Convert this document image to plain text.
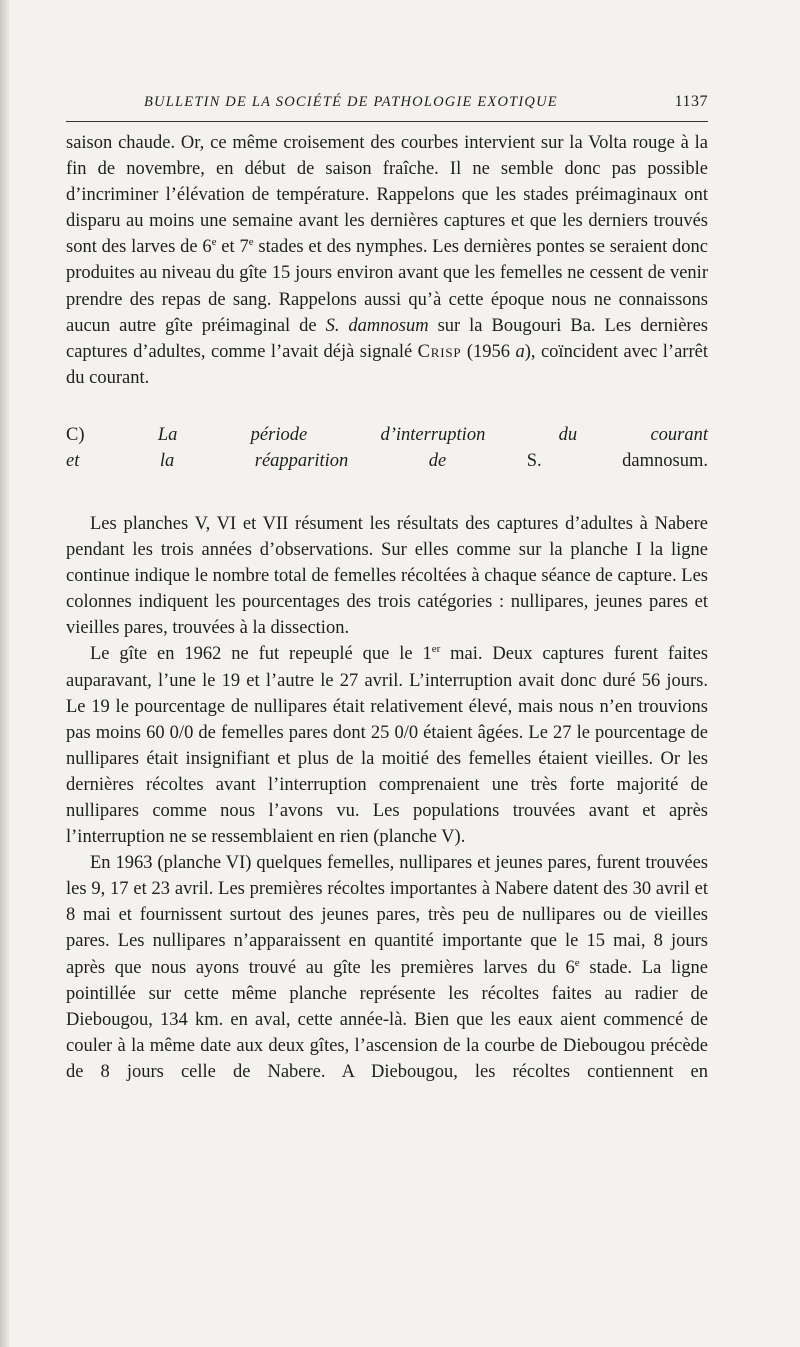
BULLETIN DE LA SOCIÉTÉ DE PATHOLOGIE EXOTIQUE	1137

saison chaude. Or, ce même croisement des courbes intervient sur la Volta rouge à la fin de novembre, en début de saison fraîche. Il ne semble donc pas possible d’incriminer l’élévation de température. Rappelons que les stades préimaginaux ont disparu au moins une semaine avant les dernières captures et que les derniers trouvés sont des larves de 6e et 7e stades et des nymphes. Les dernières pontes se seraient donc produites au niveau du gîte 15 jours environ avant que les femelles ne cessent de venir prendre des repas de sang. Rappelons aussi qu’à cette époque nous ne connaissons aucun autre gîte préimaginal de S. damnosum sur la Bougouri Ba. Les dernières captures d’adultes, comme l’avait déjà signalé Crisp (1956 a), coïncident avec l’arrêt du courant.

C) La période d’interruption du courant
et la réapparition de S. damnosum.

Les planches V, VI et VII résument les résultats des captures d’adultes à Nabere pendant les trois années d’observations. Sur elles comme sur la planche I la ligne continue indique le nombre total de femelles récoltées à chaque séance de capture. Les colonnes indiquent les pourcentages des trois catégories : nullipares, jeunes pares et vieilles pares, trouvées à la dissection.

Le gîte en 1962 ne fut repeuplé que le 1er mai. Deux captures furent faites auparavant, l’une le 19 et l’autre le 27 avril. L’interruption avait donc duré 56 jours. Le 19 le pourcentage de nullipares était relativement élevé, mais nous n’en trouvions pas moins 60 0/0 de femelles pares dont 25 0/0 étaient âgées. Le 27 le pourcentage de nullipares était insignifiant et plus de la moitié des femelles étaient vieilles. Or les dernières récoltes avant l’interruption comprenaient une très forte majorité de nullipares comme nous l’avons vu. Les populations trouvées avant et après l’interruption ne se ressemblaient en rien (planche V).

En 1963 (planche VI) quelques femelles, nullipares et jeunes pares, furent trouvées les 9, 17 et 23 avril. Les premières récoltes importantes à Nabere datent des 30 avril et 8 mai et fournissent surtout des jeunes pares, très peu de nullipares ou de vieilles pares. Les nullipares n’apparaissent en quantité importante que le 15 mai, 8 jours après que nous ayons trouvé au gîte les premières larves du 6e stade. La ligne pointillée sur cette même planche représente les récoltes faites au radier de Diebougou, 134 km. en aval, cette année-là. Bien que les eaux aient commencé de couler à la même date aux deux gîtes, l’ascension de la courbe de Diebougou précède de 8 jours celle de Nabere. A Diebougou, les récoltes contiennent en
